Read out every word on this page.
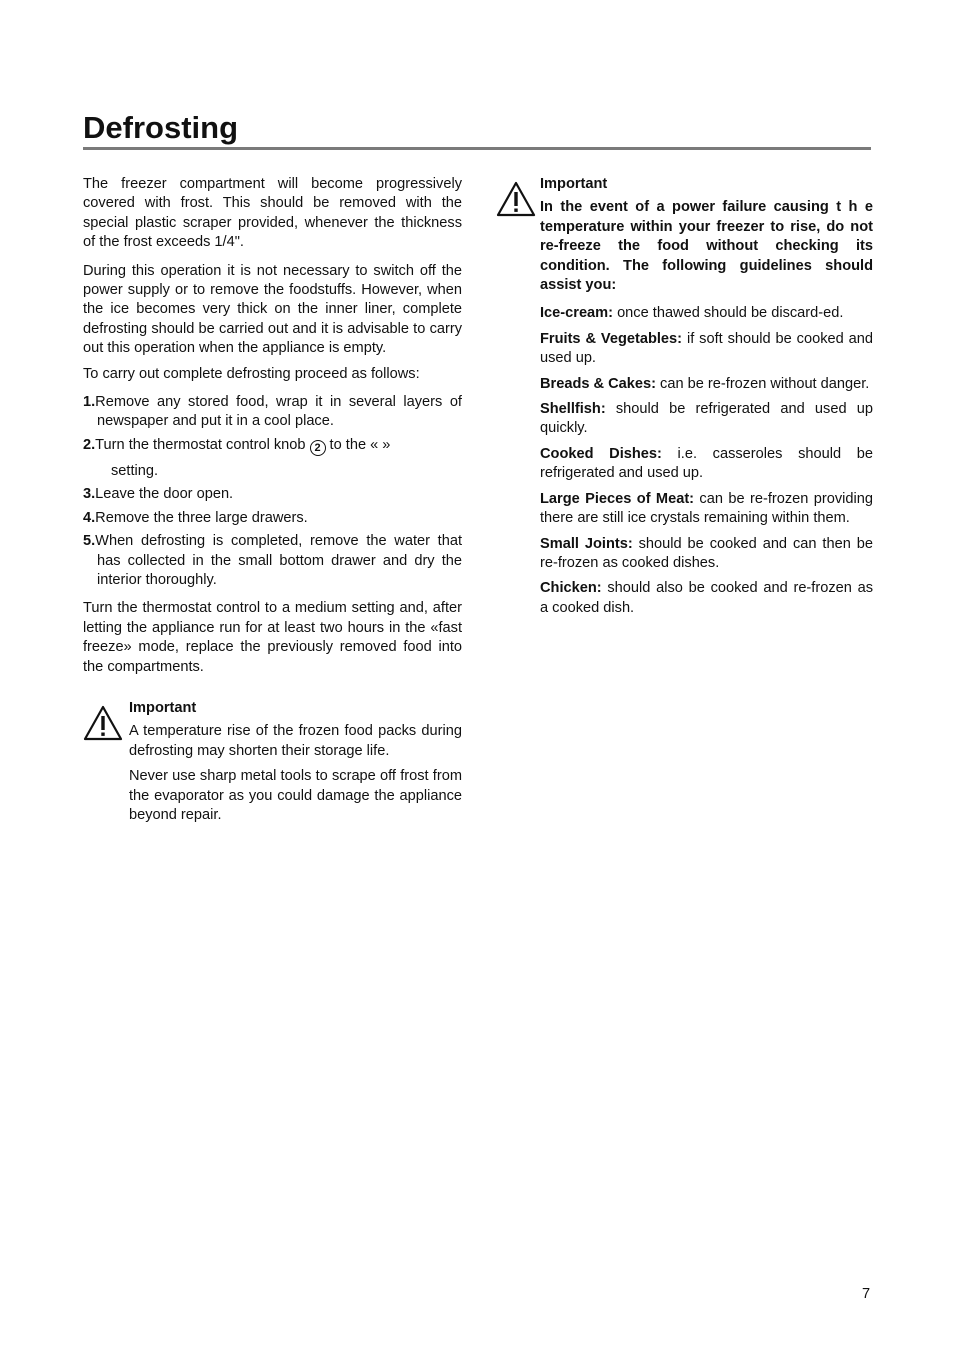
Defrosting

The freezer compartment will become progressively covered with frost. This should be removed with the special plastic scraper provided, whenever the thickness of the frost exceeds 1/4".

During this operation it is not necessary to switch off the power supply or to remove the foodstuffs. However, when the ice becomes very thick on the inner liner, complete defrosting should be carried out and it is advisable to carry out this operation when the appliance is empty.

To carry out complete defrosting proceed as follows:

1.Remove any stored food, wrap it in several layers of newspaper and put it in a cool place.
2.Turn the thermostat control knob 2 to the « »
setting.
3.Leave the door open.
4.Remove the three large drawers.
5.When defrosting is completed, remove the water that has collected in the small bottom drawer and dry the interior thoroughly.

Turn the thermostat control to a medium setting and, after letting the appliance run for at least two hours in the «fast freeze» mode, replace the previously removed food into the compartments.

Important

A temperature rise of the frozen food packs during defrosting may shorten their storage life.

Never use sharp metal tools to scrape off frost from the evaporator as you could damage the appliance beyond repair.

Important

In the event of a power failure causing t h e temperature within your freezer to rise, do not re-freeze the food without checking its condition. The following guidelines should assist you:

Ice-cream: once thawed should be discard-ed.

Fruits & Vegetables: if soft should be cooked and used up.

Breads & Cakes: can be re-frozen without danger.

Shellfish: should be refrigerated and used up quickly.

Cooked Dishes: i.e. casseroles should be refrigerated and used up.

Large Pieces of Meat: can be re-frozen providing there are still ice crystals remaining within them.

Small Joints: should be cooked and can then be re-frozen as cooked dishes.

Chicken: should also be cooked and re-frozen as a cooked dish.

7
